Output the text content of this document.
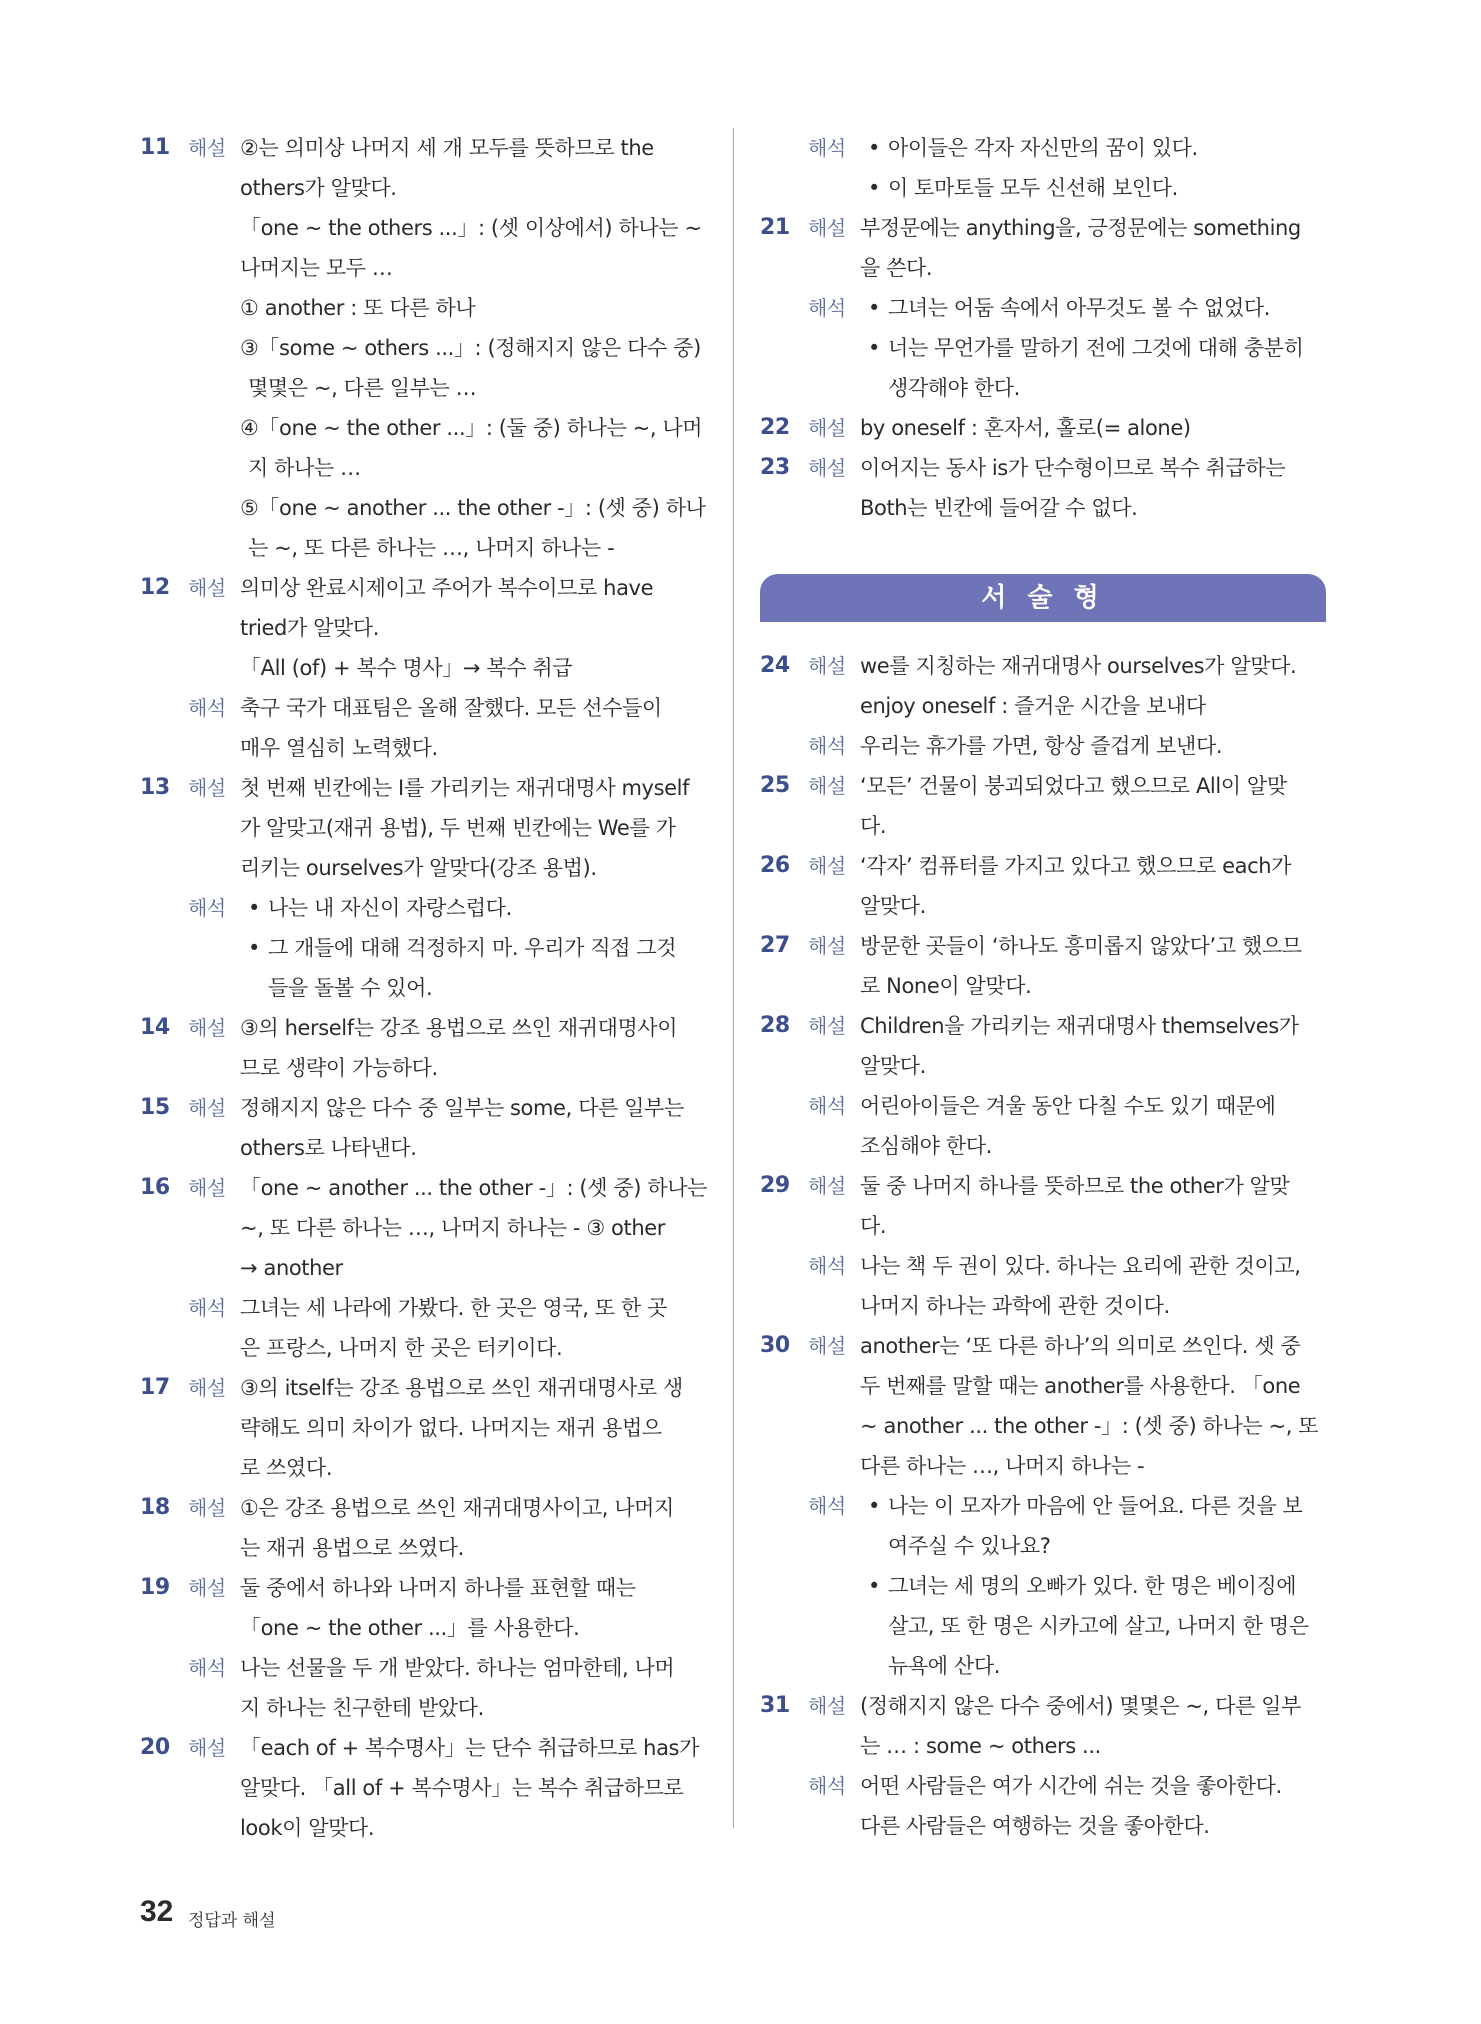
11 해설 ②는 의미상 나머지 세 개 모두를 뜻하므로 the
others가 알맞다.
「one ~ the others ...」: (셋 이상에서) 하나는 ~
나머지는 모두 …
① another : 또 다른 하나
③「some ~ others ...」: (정해지지 않은 다수 중)
몇몇은 ~, 다른 일부는 …
④「one ~ the other ...」: (둘 중) 하나는 ~, 나머
지 하나는 …
⑤「one ~ another ... the other -」: (셋 중) 하나
는 ~, 또 다른 하나는 …, 나머지 하나는 -
12 해설 의미상 완료시제이고 주어가 복수이므로 have
tried가 알맞다.
「All (of) + 복수 명사」→ 복수 취급
해석 축구 국가 대표팀은 올해 잘했다. 모든 선수들이
매우 열심히 노력했다.
13 해설 첫 번째 빈칸에는 I를 가리키는 재귀대명사 myself
가 알맞고(재귀 용법), 두 번째 빈칸에는 We를 가
리키는 ourselves가 알맞다(강조 용법).
해석 • 나는 내 자신이 자랑스럽다.
• 그 개들에 대해 걱정하지 마. 우리가 직접 그것
들을 돌볼 수 있어.
14 해설 ③의 herself는 강조 용법으로 쓰인 재귀대명사이
므로 생략이 가능하다.
15 해설 정해지지 않은 다수 중 일부는 some, 다른 일부는
others로 나타낸다.
16 해설 「one ~ another ... the other -」: (셋 중) 하나는
~, 또 다른 하나는 …, 나머지 하나는 - ③ other
→ another
해석 그녀는 세 나라에 가봤다. 한 곳은 영국, 또 한 곳
은 프랑스, 나머지 한 곳은 터키이다.
17 해설 ③의 itself는 강조 용법으로 쓰인 재귀대명사로 생
략해도 의미 차이가 없다. 나머지는 재귀 용법으
로 쓰였다.
18 해설 ①은 강조 용법으로 쓰인 재귀대명사이고, 나머지
는 재귀 용법으로 쓰였다.
19 해설 둘 중에서 하나와 나머지 하나를 표현할 때는
「one ~ the other ...」를 사용한다.
해석 나는 선물을 두 개 받았다. 하나는 엄마한테, 나머
지 하나는 친구한테 받았다.
20 해설 「each of + 복수명사」는 단수 취급하므로 has가
알맞다. 「all of + 복수명사」는 복수 취급하므로
look이 알맞다.
해석 • 아이들은 각자 자신만의 꿈이 있다.
• 이 토마토들 모두 신선해 보인다.
21 해설 부정문에는 anything을, 긍정문에는 something
을 쓴다.
해석 • 그녀는 어둠 속에서 아무것도 볼 수 없었다.
• 너는 무언가를 말하기 전에 그것에 대해 충분히
생각해야 한다.
22 해설 by oneself : 혼자서, 홀로(= alone)
23 해설 이어지는 동사 is가 단수형이므로 복수 취급하는
Both는 빈칸에 들어갈 수 없다.
서 술 형
24 해설 we를 지칭하는 재귀대명사 ourselves가 알맞다.
enjoy oneself : 즐거운 시간을 보내다
해석 우리는 휴가를 가면, 항상 즐겁게 보낸다.
25 해설 ‘모든’ 건물이 붕괴되었다고 했으므로 All이 알맞
다.
26 해설 ‘각자’ 컴퓨터를 가지고 있다고 했으므로 each가
알맞다.
27 해설 방문한 곳들이 ‘하나도 흥미롭지 않았다’고 했으므
로 None이 알맞다.
28 해설 Children을 가리키는 재귀대명사 themselves가
알맞다.
해석 어린아이들은 겨울 동안 다칠 수도 있기 때문에
조심해야 한다.
29 해설 둘 중 나머지 하나를 뜻하므로 the other가 알맞
다.
해석 나는 책 두 권이 있다. 하나는 요리에 관한 것이고,
나머지 하나는 과학에 관한 것이다.
30 해설 another는 ‘또 다른 하나’의 의미로 쓰인다. 셋 중
두 번째를 말할 때는 another를 사용한다. 「one
~ another ... the other -」: (셋 중) 하나는 ~, 또
다른 하나는 …, 나머지 하나는 -
해석 • 나는 이 모자가 마음에 안 들어요. 다른 것을 보
여주실 수 있나요?
• 그녀는 세 명의 오빠가 있다. 한 명은 베이징에
살고, 또 한 명은 시카고에 살고, 나머지 한 명은
뉴욕에 산다.
31 해설 (정해지지 않은 다수 중에서) 몇몇은 ~, 다른 일부
는 … : some ~ others ...
해석 어떤 사람들은 여가 시간에 쉬는 것을 좋아한다.
다른 사람들은 여행하는 것을 좋아한다.
32 정답과 해설
